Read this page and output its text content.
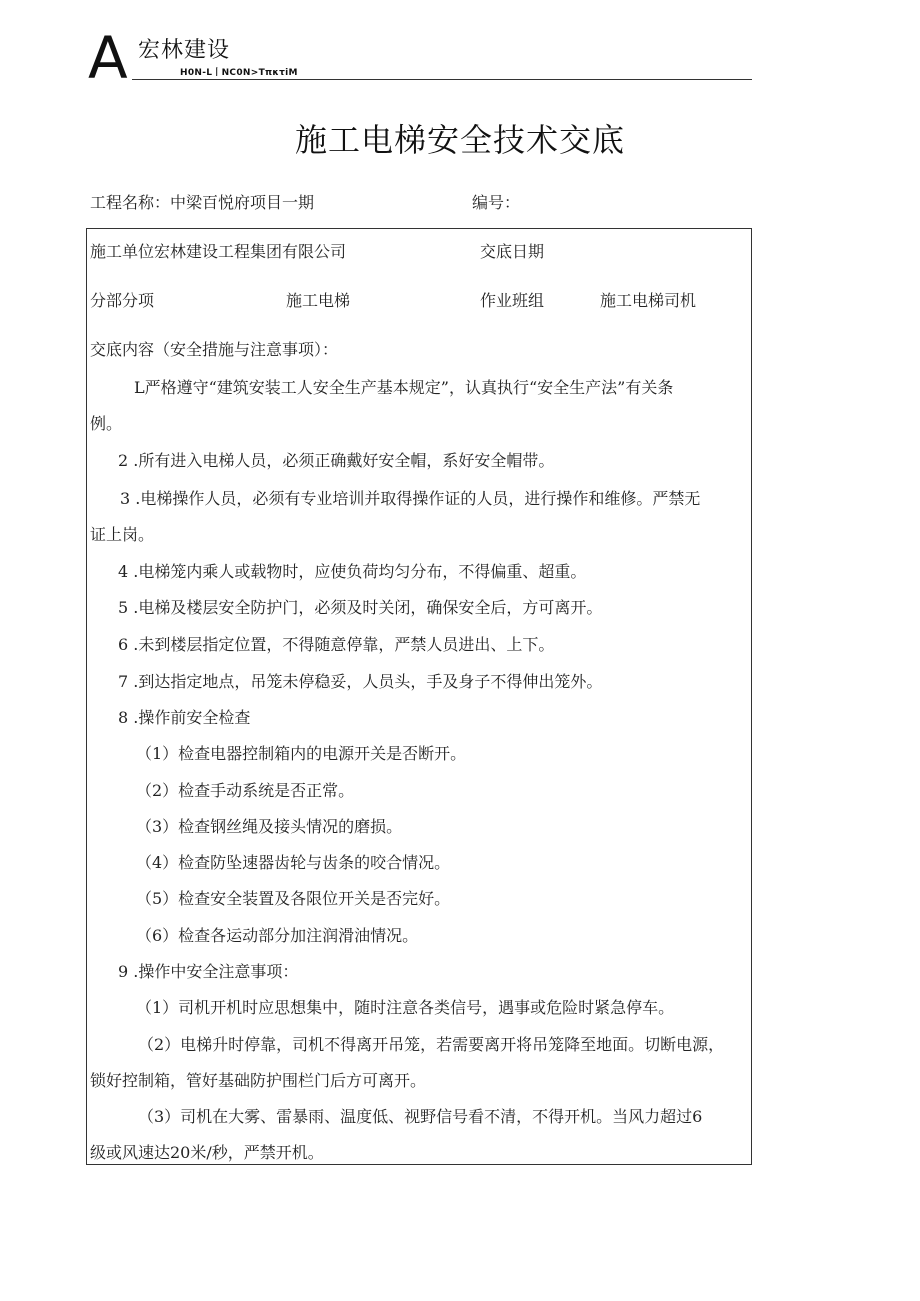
A 宏林建设
H0N-L丨NC0N>TπκτiM
施工电梯安全技术交底
工程名称：中梁百悦府项目一期	编号：
施工单位宏林建设工程集团有限公司	交底日期
分部分项	施工电梯	作业班组	施工电梯司机
交底内容（安全措施与注意事项）：
L严格遵守“建筑安装工人安全生产基本规定”，认真执行“安全生产法”有关条
例。
2 .所有进入电梯人员，必须正确戴好安全帽，系好安全帽带。
3 .电梯操作人员，必须有专业培训并取得操作证的人员，进行操作和维修。严禁无
证上岗。
4 .电梯笼内乘人或载物时，应使负荷均匀分布，不得偏重、超重。
5 .电梯及楼层安全防护门，必须及时关闭，确保安全后，方可离开。
6 .未到楼层指定位置，不得随意停靠，严禁人员进出、上下。
7 .到达指定地点，吊笼未停稳妥，人员头，手及身子不得伸出笼外。
8 .操作前安全检查
（1）检查电器控制箱内的电源开关是否断开。
（2）检查手动系统是否正常。
（3）检查钢丝绳及接头情况的磨损。
（4）检查防坠速器齿轮与齿条的咬合情况。
（5）检查安全装置及各限位开关是否完好。
（6）检查各运动部分加注润滑油情况。
9 .操作中安全注意事项：
（1）司机开机时应思想集中，随时注意各类信号，遇事或危险时紧急停车。
（2）电梯升时停靠，司机不得离开吊笼，若需要离开将吊笼降至地面。切断电源，
锁好控制箱，管好基础防护围栏门后方可离开。
（3）司机在大雾、雷暴雨、温度低、视野信号看不清，不得开机。当风力超过6
级或风速达20米/秒，严禁开机。
